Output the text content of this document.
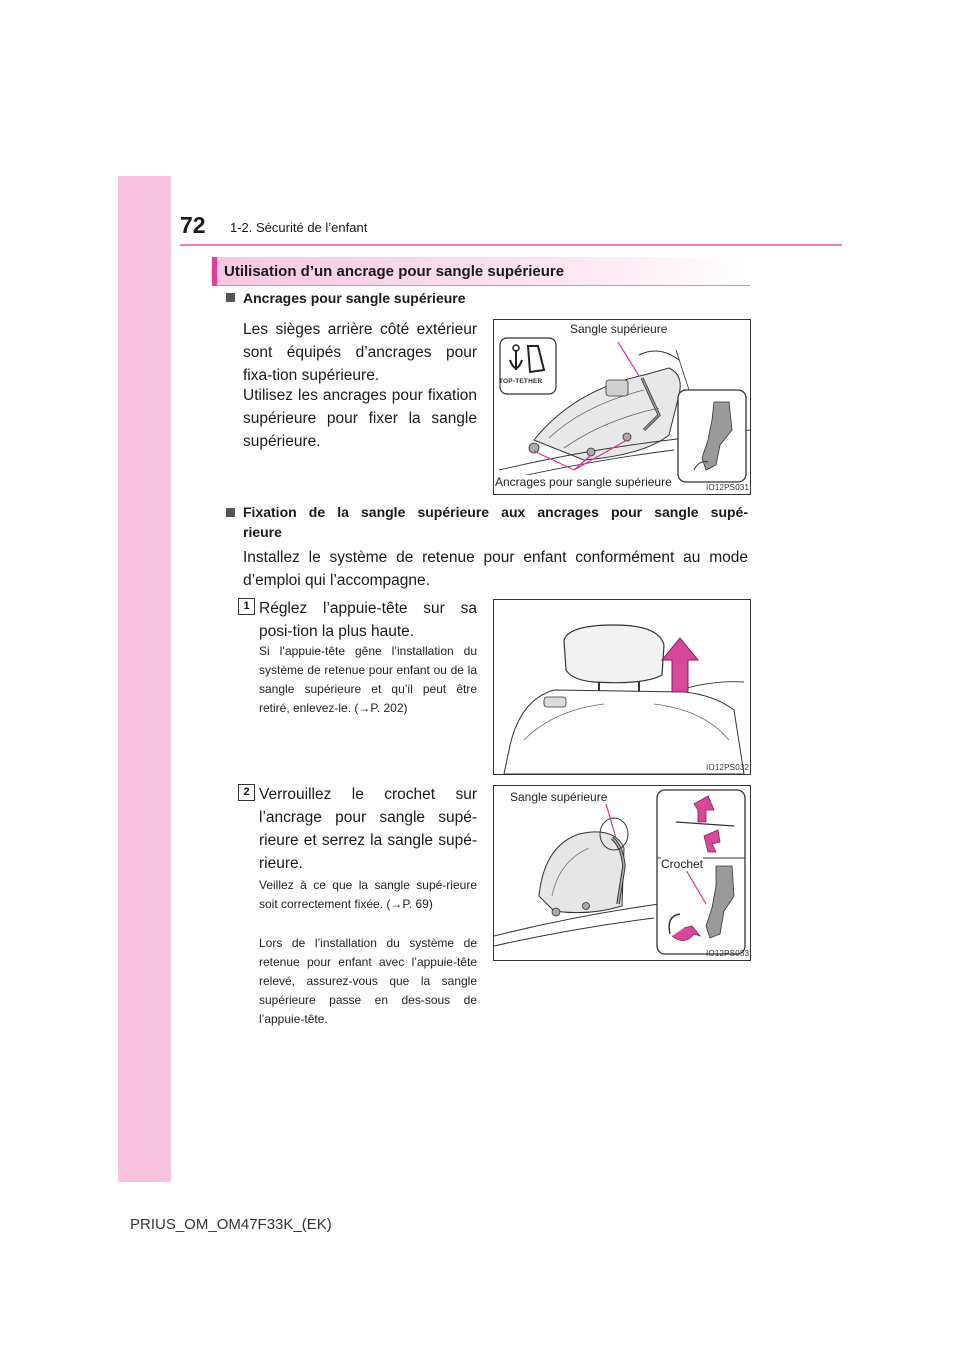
72 1-2. Sécurité de l’enfant
Utilisation d’un ancrage pour sangle supérieure
Ancrages pour sangle supérieure
Les sièges arrière côté extérieur sont équipés d’ancrages pour fixa-tion supérieure.
Utilisez les ancrages pour fixation supérieure pour fixer la sangle supérieure.
TOP-TETHER
Sangle supérieure
Ancrages pour sangle supérieure	IO12PS031
Fixation de la sangle supérieure aux ancrages pour sangle supé-
rieure
Installez le système de retenue pour enfant conformément au mode d’emploi qui l’accompagne.
1 Réglez l’appuie-tête sur sa posi-tion la plus haute.
Si l’appuie-tête gêne l’installation du système de retenue pour enfant ou de la sangle supérieure et qu’il peut être retiré, enlevez-le. (→P. 202)
IO12PS032
2 Verrouillez le crochet sur l’ancrage pour sangle supé-rieure et serrez la sangle supé-rieure.
Veillez à ce que la sangle supé-rieure soit correctement fixée. (→P. 69)
Lors de l’installation du système de retenue pour enfant avec l’appuie-tête relevé, assurez-vous que la sangle supérieure passe en des-sous de l’appuie-tête.
Sangle supérieure
Crochet
IO12PS033
PRIUS_OM_OM47F33K_(EK)
